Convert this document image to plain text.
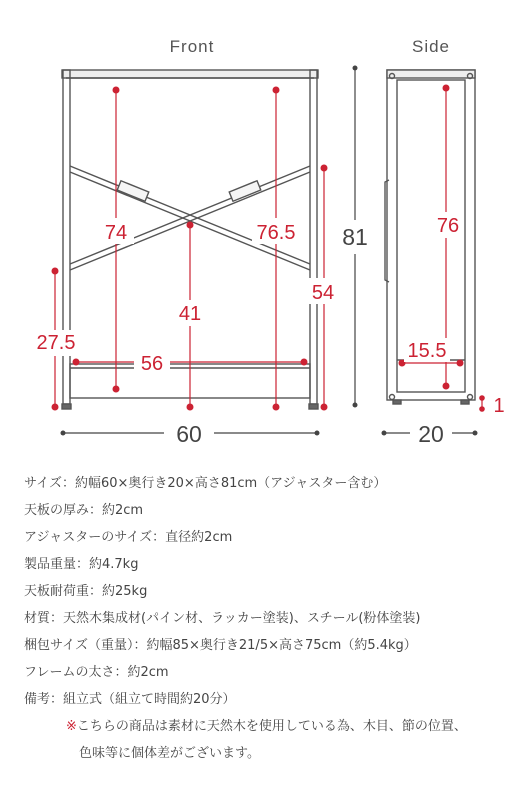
Front	Side
74	76.5
41
54
27.5
56
60
81	76
15.5
1
20
サイズ：約幅60×奥行き20×高さ81cm（アジャスター含む）
天板の厚み：約2cm
アジャスターのサイズ：直径約2cm
製品重量：約4.7kg
天板耐荷重：約25kg
材質：天然木集成材(パイン材、ラッカー塗装)、スチール(粉体塗装)
梱包サイズ（重量）：約幅85×奥行き21/5×高さ75cm（約5.4kg）
フレームの太さ：約2cm
備考：組立式（組立て時間約20分）
※こちらの商品は素材に天然木を使用している為、木目、節の位置、
色味等に個体差がございます。
